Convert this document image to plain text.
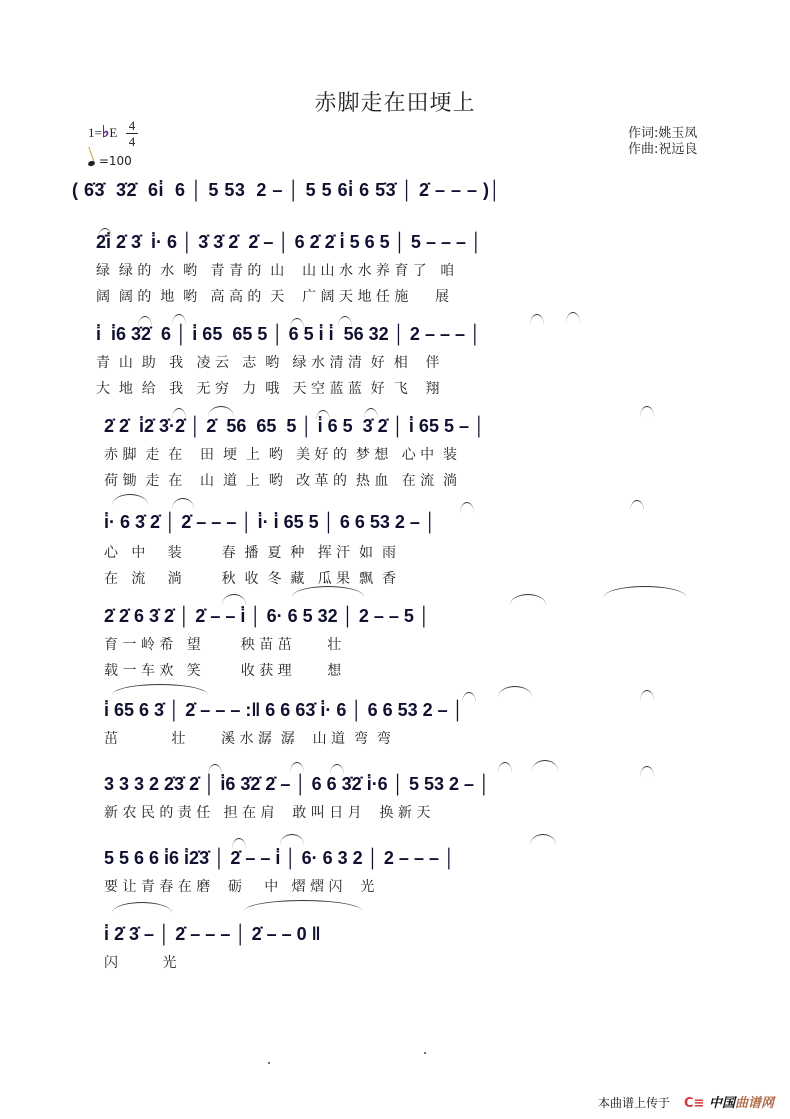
赤脚走在田埂上
1=♭E 4
4
=100
作词:姚玉凤
作曲:祝远良
( 6̇3̇  3̇2̇  6i̇  6 │ 5 53  2 – │ 5 5 6i̇ 6 5̇3̇ │ 2̇ – – – )│
2̇i̇ 2̇ 3̇  i̇· 6 │ 3̇ 3̇ 2̇  2̇ – │ 6 2̇ 2̇ i̇ 5 6 5 │ 5 – – – │
绿  绿 的  水  哟   青 青 的  山    山 山 水 水 养 育 了   咱
阔  阔 的  地  哟   高 高 的  天    广 阔 天 地 任 施      展
i̇  i̇6 3̇2̇  6 │ i̇ 65  65 5 │ 6 5 i̇ i̇  56 32 │ 2 – – – │
青  山  助   我   凌 云   志  哟   绿 水 清 清  好  相    伴
大  地  给   我   无 穷   力  哦   天 空 蓝 蓝  好  飞    翔
2̇ 2̇  i̇2̇ 3̇·2̇ │ 2̇  56  65  5 │ i̇ 6 5  3̇ 2̇ │ i̇ 65 5 – │
赤 脚  走  在    田  埂  上  哟   美 好 的  梦 想   心 中  装
荷 锄  走  在    山  道  上  哟   改 革 的  热 血   在 流  淌
i̇· 6 3̇ 2̇ │ 2̇ – – – │ i̇· i̇ 65 5 │ 6 6 53 2 – │
心   中     装         春  播  夏  种   挥 汗  如  雨
在   流     淌         秋  收  冬  藏   瓜 果  飘  香
2̇ 2̇ 6 3̇ 2̇ │ 2̇ – – i̇ │ 6· 6 5 32 │ 2 – – 5 │
育 一 岭 希   望         秧 苗 茁        壮
载 一 车 欢   笑         收 获 理        想
i̇ 65 6 3̇ │ 2̇ – – – :‖ 6 6 63̇ i̇· 6 │ 6 6 53 2 – │
茁            壮        溪 水 潺  潺    山 道  弯  弯
3 3 3 2 2̇3̇ 2̇ │ i̇6 3̇2̇ 2̇ – │ 6 6 3̇2̇ i̇·6 │ 5 53 2 – │
新 农 民 的 责 任   担 在 肩    敢 叫 日 月    换 新 天
5 5 6 6 i̇6 i̇2̇3̇ │ 2̇ – – i̇ │ 6· 6 3 2 │ 2 – – – │
要 让 青 春 在 磨    砺     中   熠 熠 闪    光
i̇ 2̇ 3̇ – │ 2̇ – – – │ 2̇ – – 0 ‖
闪          光
本曲谱上传于 C≡ 中国曲谱网
